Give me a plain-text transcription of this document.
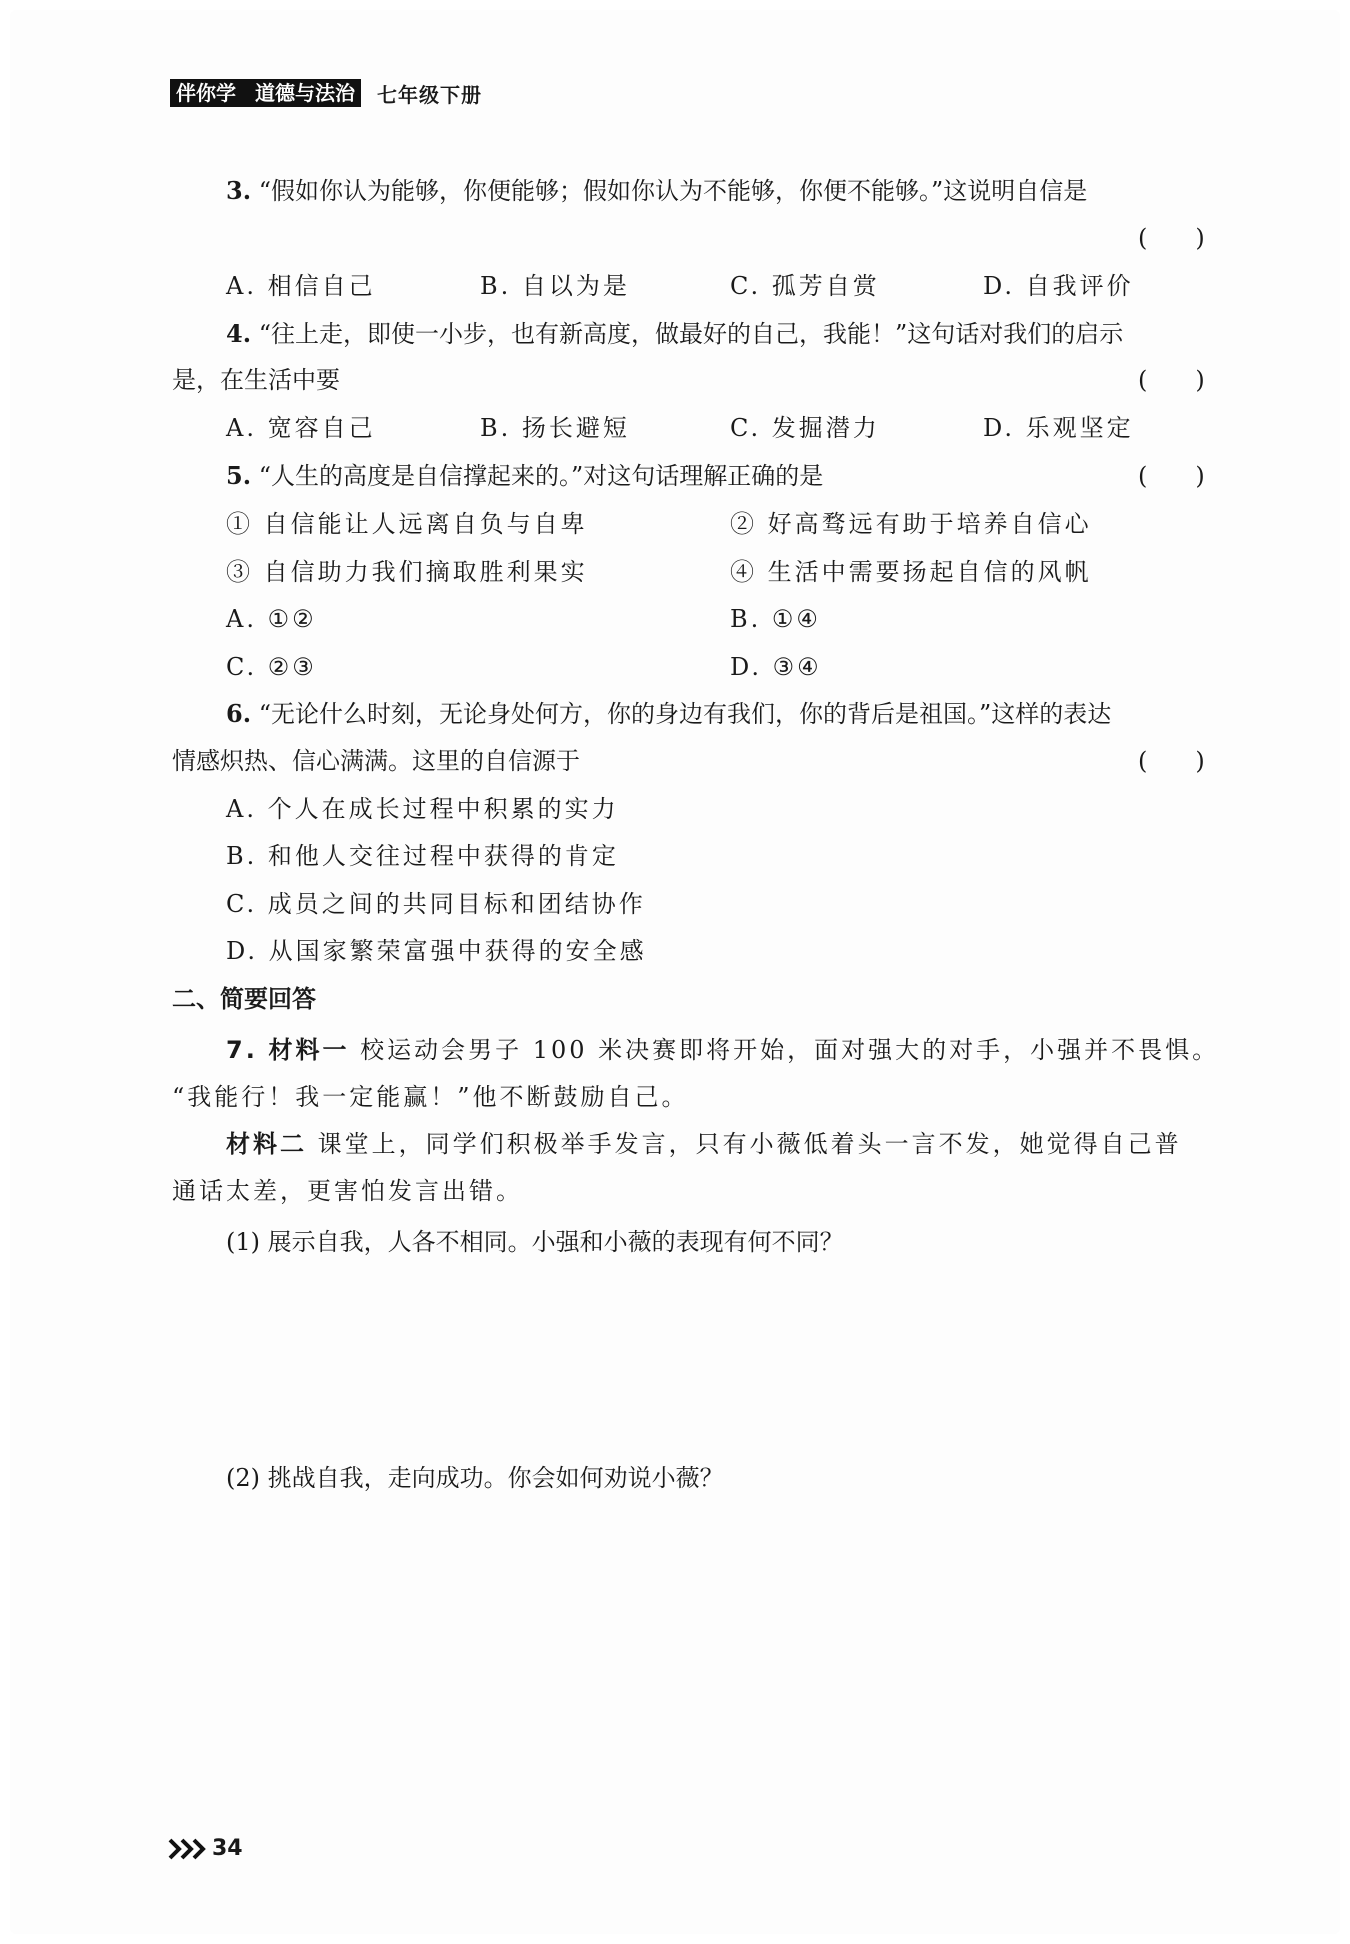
伴你学 道德与法治	七年级下册
3. “假如你认为能够，你便能够；假如你认为不能够，你便不能够。”这说明自信是
()
A. 相信自己	B. 自以为是	C. 孤芳自赏	D. 自我评价
4. “往上走，即使一小步，也有新高度，做最好的自己，我能！”这句话对我们的启示
是，在生活中要	()
A. 宽容自己	B. 扬长避短	C. 发掘潜力	D. 乐观坚定
5. “人生的高度是自信撑起来的。”对这句话理解正确的是	()
① 自信能让人远离自负与自卑	② 好高骛远有助于培养自信心
③ 自信助力我们摘取胜利果实	④ 生活中需要扬起自信的风帆
A. ①②	B. ①④
C. ②③	D. ③④
6. “无论什么时刻，无论身处何方，你的身边有我们，你的背后是祖国。”这样的表达
情感炽热、信心满满。这里的自信源于	()
A. 个人在成长过程中积累的实力
B. 和他人交往过程中获得的肯定
C. 成员之间的共同目标和团结协作
D. 从国家繁荣富强中获得的安全感
二、简要回答
7. 材料一 校运动会男子 100 米决赛即将开始，面对强大的对手，小强并不畏惧。
“我能行！我一定能赢！”他不断鼓励自己。
材料二 课堂上，同学们积极举手发言，只有小薇低着头一言不发，她觉得自己普
通话太差，更害怕发言出错。
(1) 展示自我，人各不相同。小强和小薇的表现有何不同？
(2) 挑战自我，走向成功。你会如何劝说小薇？
34
